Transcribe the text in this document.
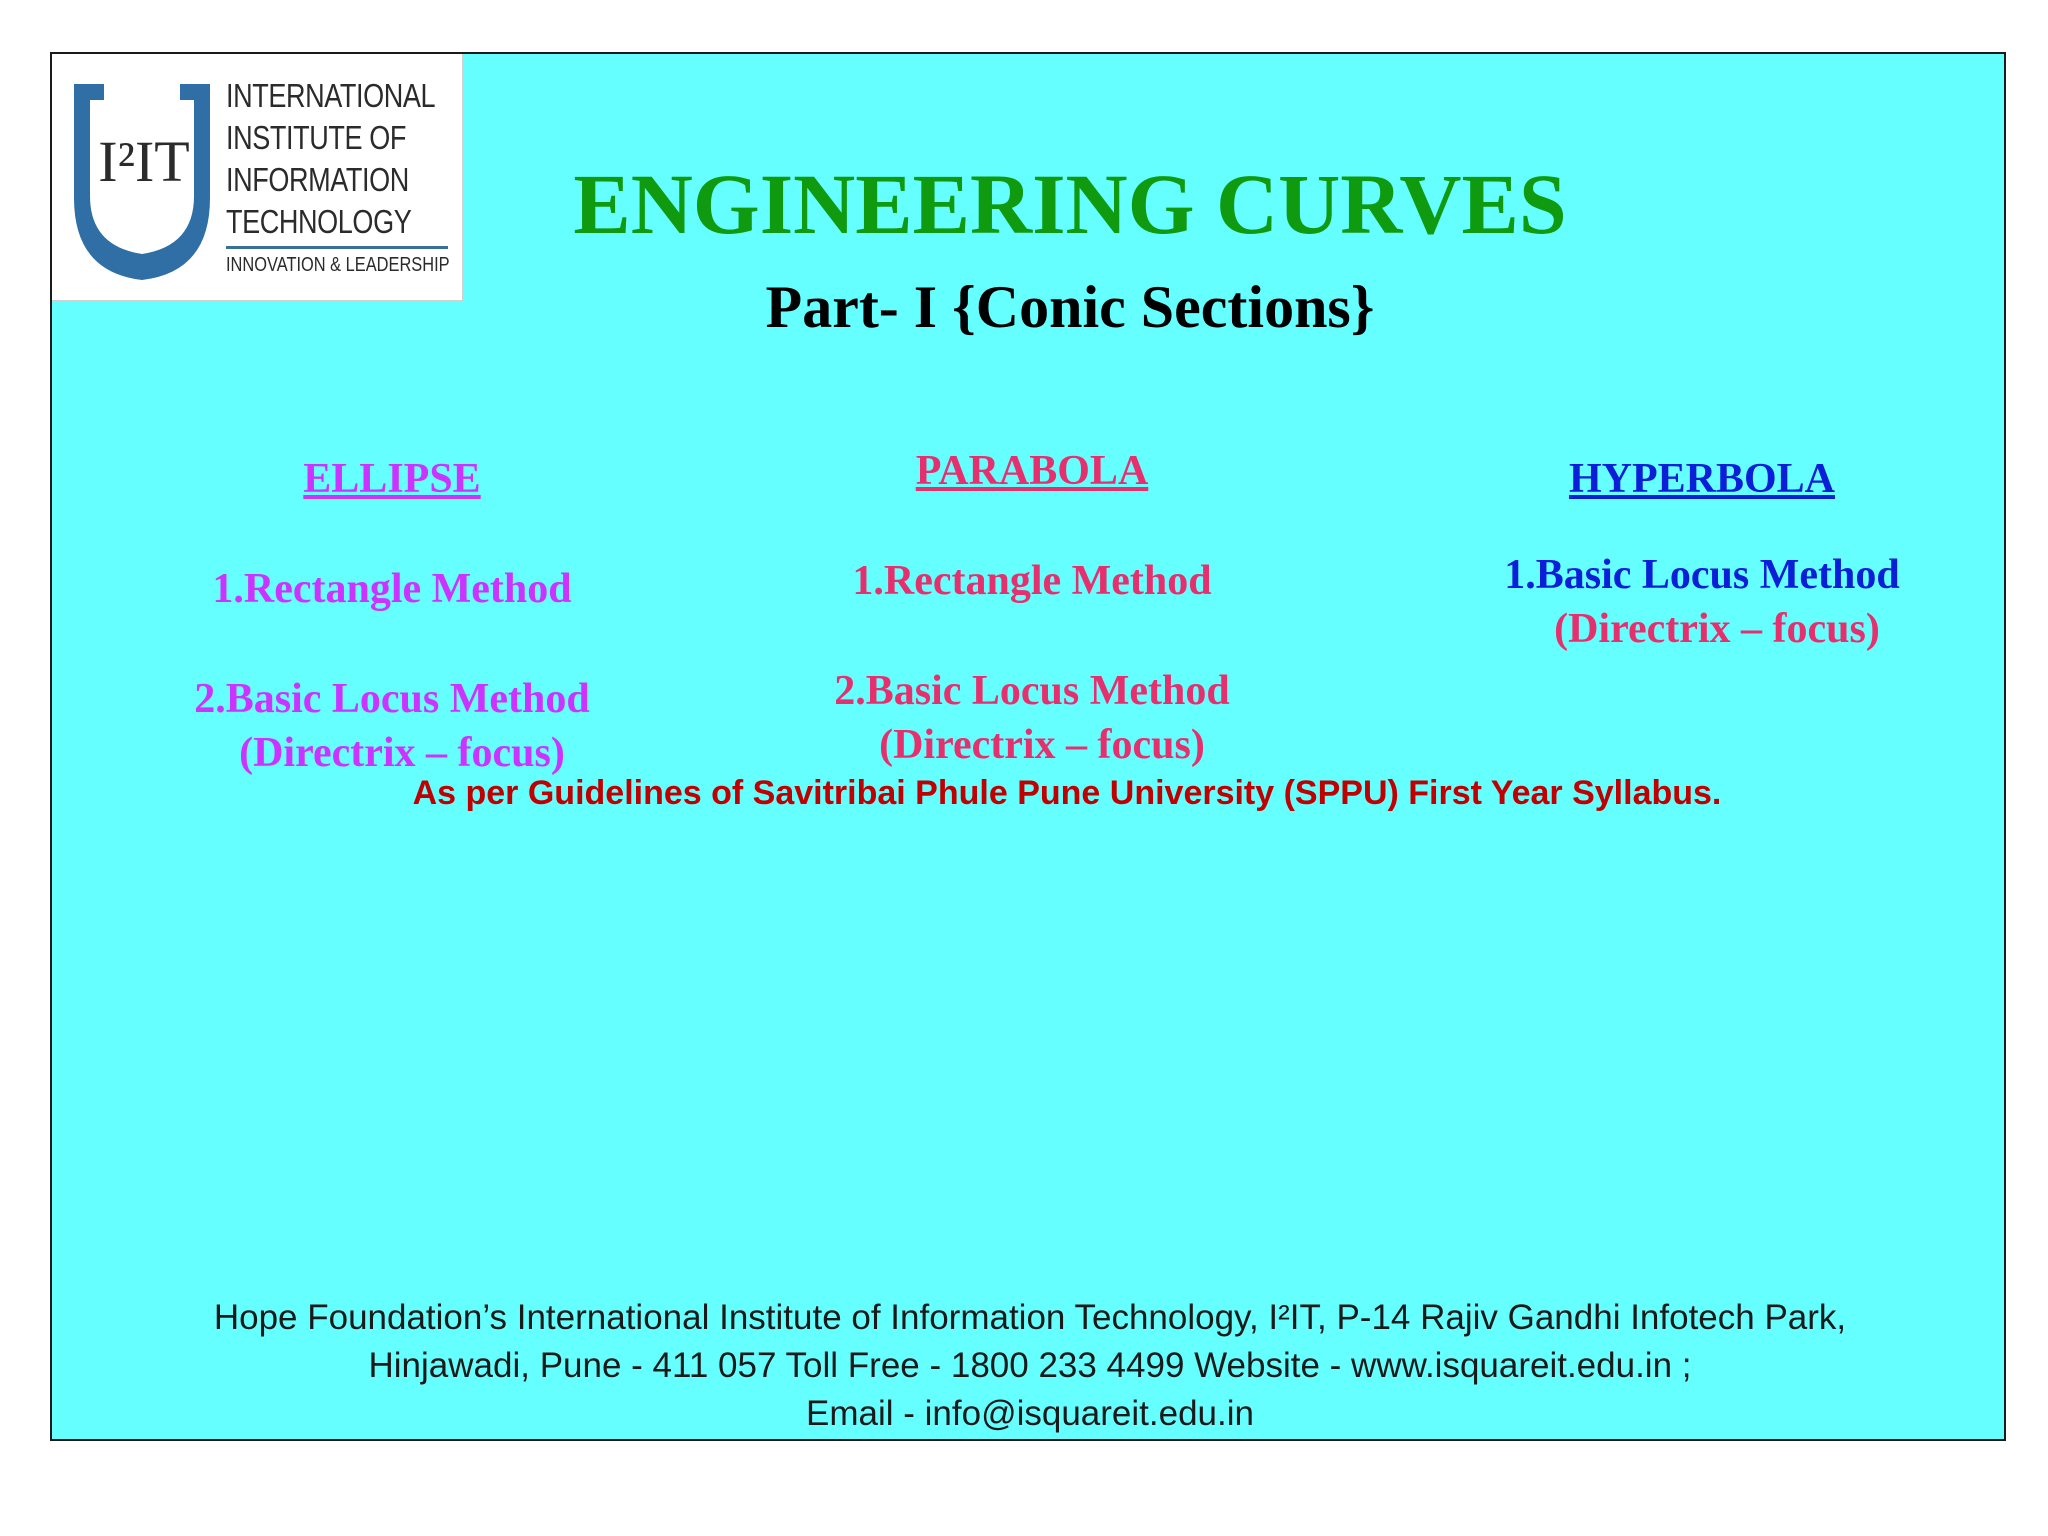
I²IT
INTERNATIONAL
INSTITUTE OF
INFORMATION
TECHNOLOGY
INNOVATION & LEADERSHIP
ENGINEERING CURVES
Part- I {Conic Sections}
ELLIPSE
1.Rectangle Method
2.Basic Locus Method
(Directrix – focus)
PARABOLA
1.Rectangle Method
2.Basic Locus Method
(Directrix – focus)
HYPERBOLA
1.Basic Locus Method
(Directrix – focus)
As per Guidelines of Savitribai Phule Pune University (SPPU) First Year Syllabus.
Hope Foundation’s International Institute of Information Technology, I²IT, P-14 Rajiv Gandhi Infotech Park,
Hinjawadi, Pune - 411 057 Toll Free - 1800 233 4499 Website - www.isquareit.edu.in ;
Email - info@isquareit.edu.in
